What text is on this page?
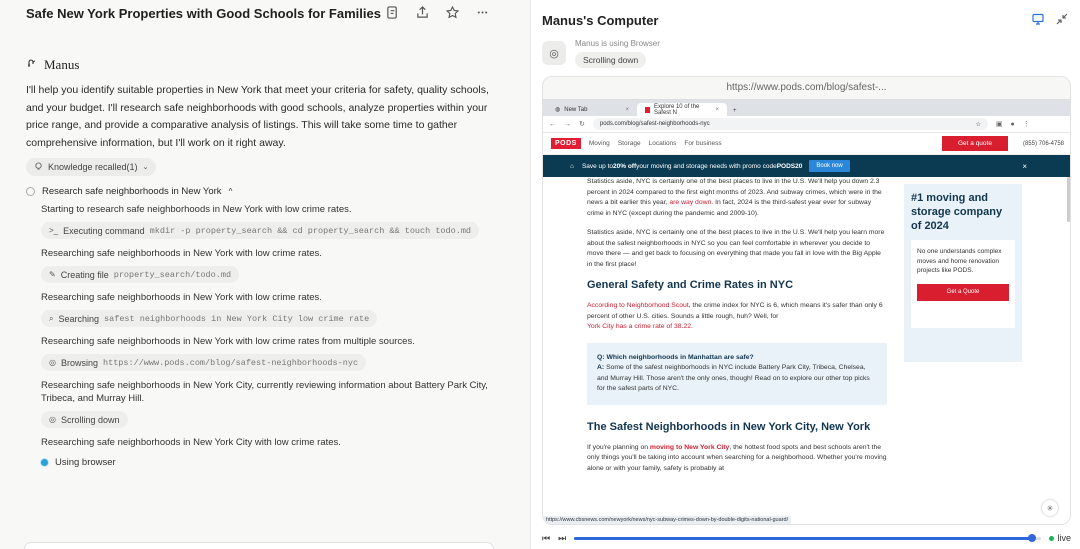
Safe New York Properties with Good Schools for Families
Manus
I'll help you identify suitable properties in New York that meet your criteria for safety, quality schools, and your budget. I'll research safe neighborhoods with good schools, analyze properties within your price range, and provide a comparative analysis of listings. This will take some time to gather comprehensive information, but I'll work on it right away.
Knowledge recalled(1) ⌄
Research safe neighborhoods in New York ^
Starting to research safe neighborhoods in New York with low crime rates.
>_ Executing command mkdir -p property_search && cd property_search && touch todo.md
Researching safe neighborhoods in New York with low crime rates.
✎ Creating file property_search/todo.md
Researching safe neighborhoods in New York with low crime rates.
⌕ Searching safest neighborhoods in New York City low crime rate
Researching safe neighborhoods in New York with low crime rates from multiple sources.
◎ Browsing https://www.pods.com/blog/safest-neighborhoods-nyc
Researching safe neighborhoods in New York City, currently reviewing information about Battery Park City, Tribeca, and Murray Hill.
◎ Scrolling down
Researching safe neighborhoods in New York City with low crime rates.
Using browser
Manus's Computer
◎
Manus is using Browser
Scrolling down
https://www.pods.com/blog/safest-...
◍ New Tab	×	Explore 10 of the Safest N	×	+
← → ↻	pods.com/blog/safest-neighborhoods-nyc	☆ ▣ ● ⋮
PODS	Moving Storage Locations For business	Get a quote	(855) 706-4758
⌂ Save up to 20% off your moving and storage needs with promo code PODS20	Book now	×
Statistics aside, NYC is certainly one of the best places to live in the U.S. We'll help you down 2.3 percent in 2024 compared to the first eight months of 2023. And subway crimes, which were in the news a bit earlier this year, are way down. In fact, 2024 is the third-safest year ever for subway crime in NYC (except during the pandemic and 2009-10).
Statistics aside, NYC is certainly one of the best places to live in the U.S. We'll help you learn more about the safest neighborhoods in NYC so you can feel comfortable in wherever you decide to move there — and get back to focusing on everything that made you fall in love with the Big Apple in the first place!
General Safety and Crime Rates in NYC
According to Neighborhood Scout, the crime index for NYC is 6, which means it's safer than only 6 percent of other U.S. cities. Sounds a little rough, huh? Well, for
York City has a crime rate of 38.22.
Q: Which neighborhoods in Manhattan are safe?
A: Some of the safest neighborhoods in NYC include Battery Park City, Tribeca, Chelsea, and Murray Hill. Those aren't the only ones, though! Read on to explore our other top picks for the safest parts of NYC.
The Safest Neighborhoods in New York City, New York
If you're planning on moving to New York City, the hottest food spots and best schools aren't the only things you'll be taking into account when searching for a neighborhood. Whether you're moving alone or with your family, safety is probably at
#1 moving and storage company of 2024
No one understands complex moves and home renovation projects like PODS.
Get a Quote
https://www.cbsnews.com/newyork/news/nyc-subway-crimes-down-by-double-digits-national-guard/
✳
⏮ ⏭	live
